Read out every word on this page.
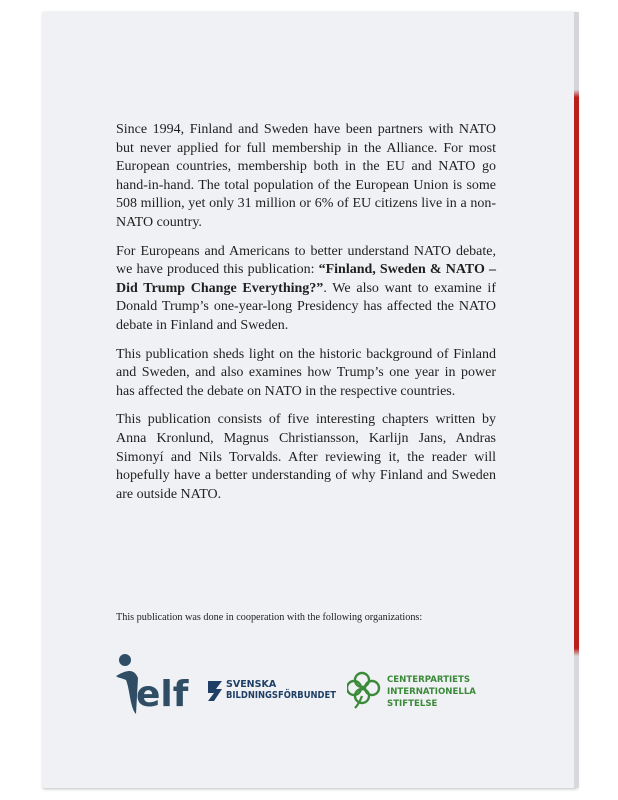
Since 1994, Finland and Sweden have been partners with NATO but never applied for full membership in the Alliance. For most European countries, membership both in the EU and NATO go hand-in-hand. The total population of the European Union is some 508 million, yet only 31 million or 6% of EU citizens live in a non-NATO country.

For Europeans and Americans to better understand NATO debate, we have produced this publication: “Finland, Sweden & NATO – Did Trump Change Everything?”. We also want to examine if Donald Trump’s one-year-long Presidency has affected the NATO debate in Finland and Sweden.

This publication sheds light on the historic background of Finland and Sweden, and also examines how Trump’s one year in power has affected the debate on NATO in the respective countries.

This publication consists of five interesting chapters written by Anna Kronlund, Magnus Christiansson, Karlijn Jans, Andras Simonyí and Nils Torvalds. After reviewing it, the reader will hopefully have a better understanding of why Finland and Sweden are outside NATO.

This publication was done in cooperation with the following organizations:
elf	SVENSKA
BILDNINGSFÖRBUNDET
CENTERPARTIETS
INTERNATIONELLA
STIFTELSE
